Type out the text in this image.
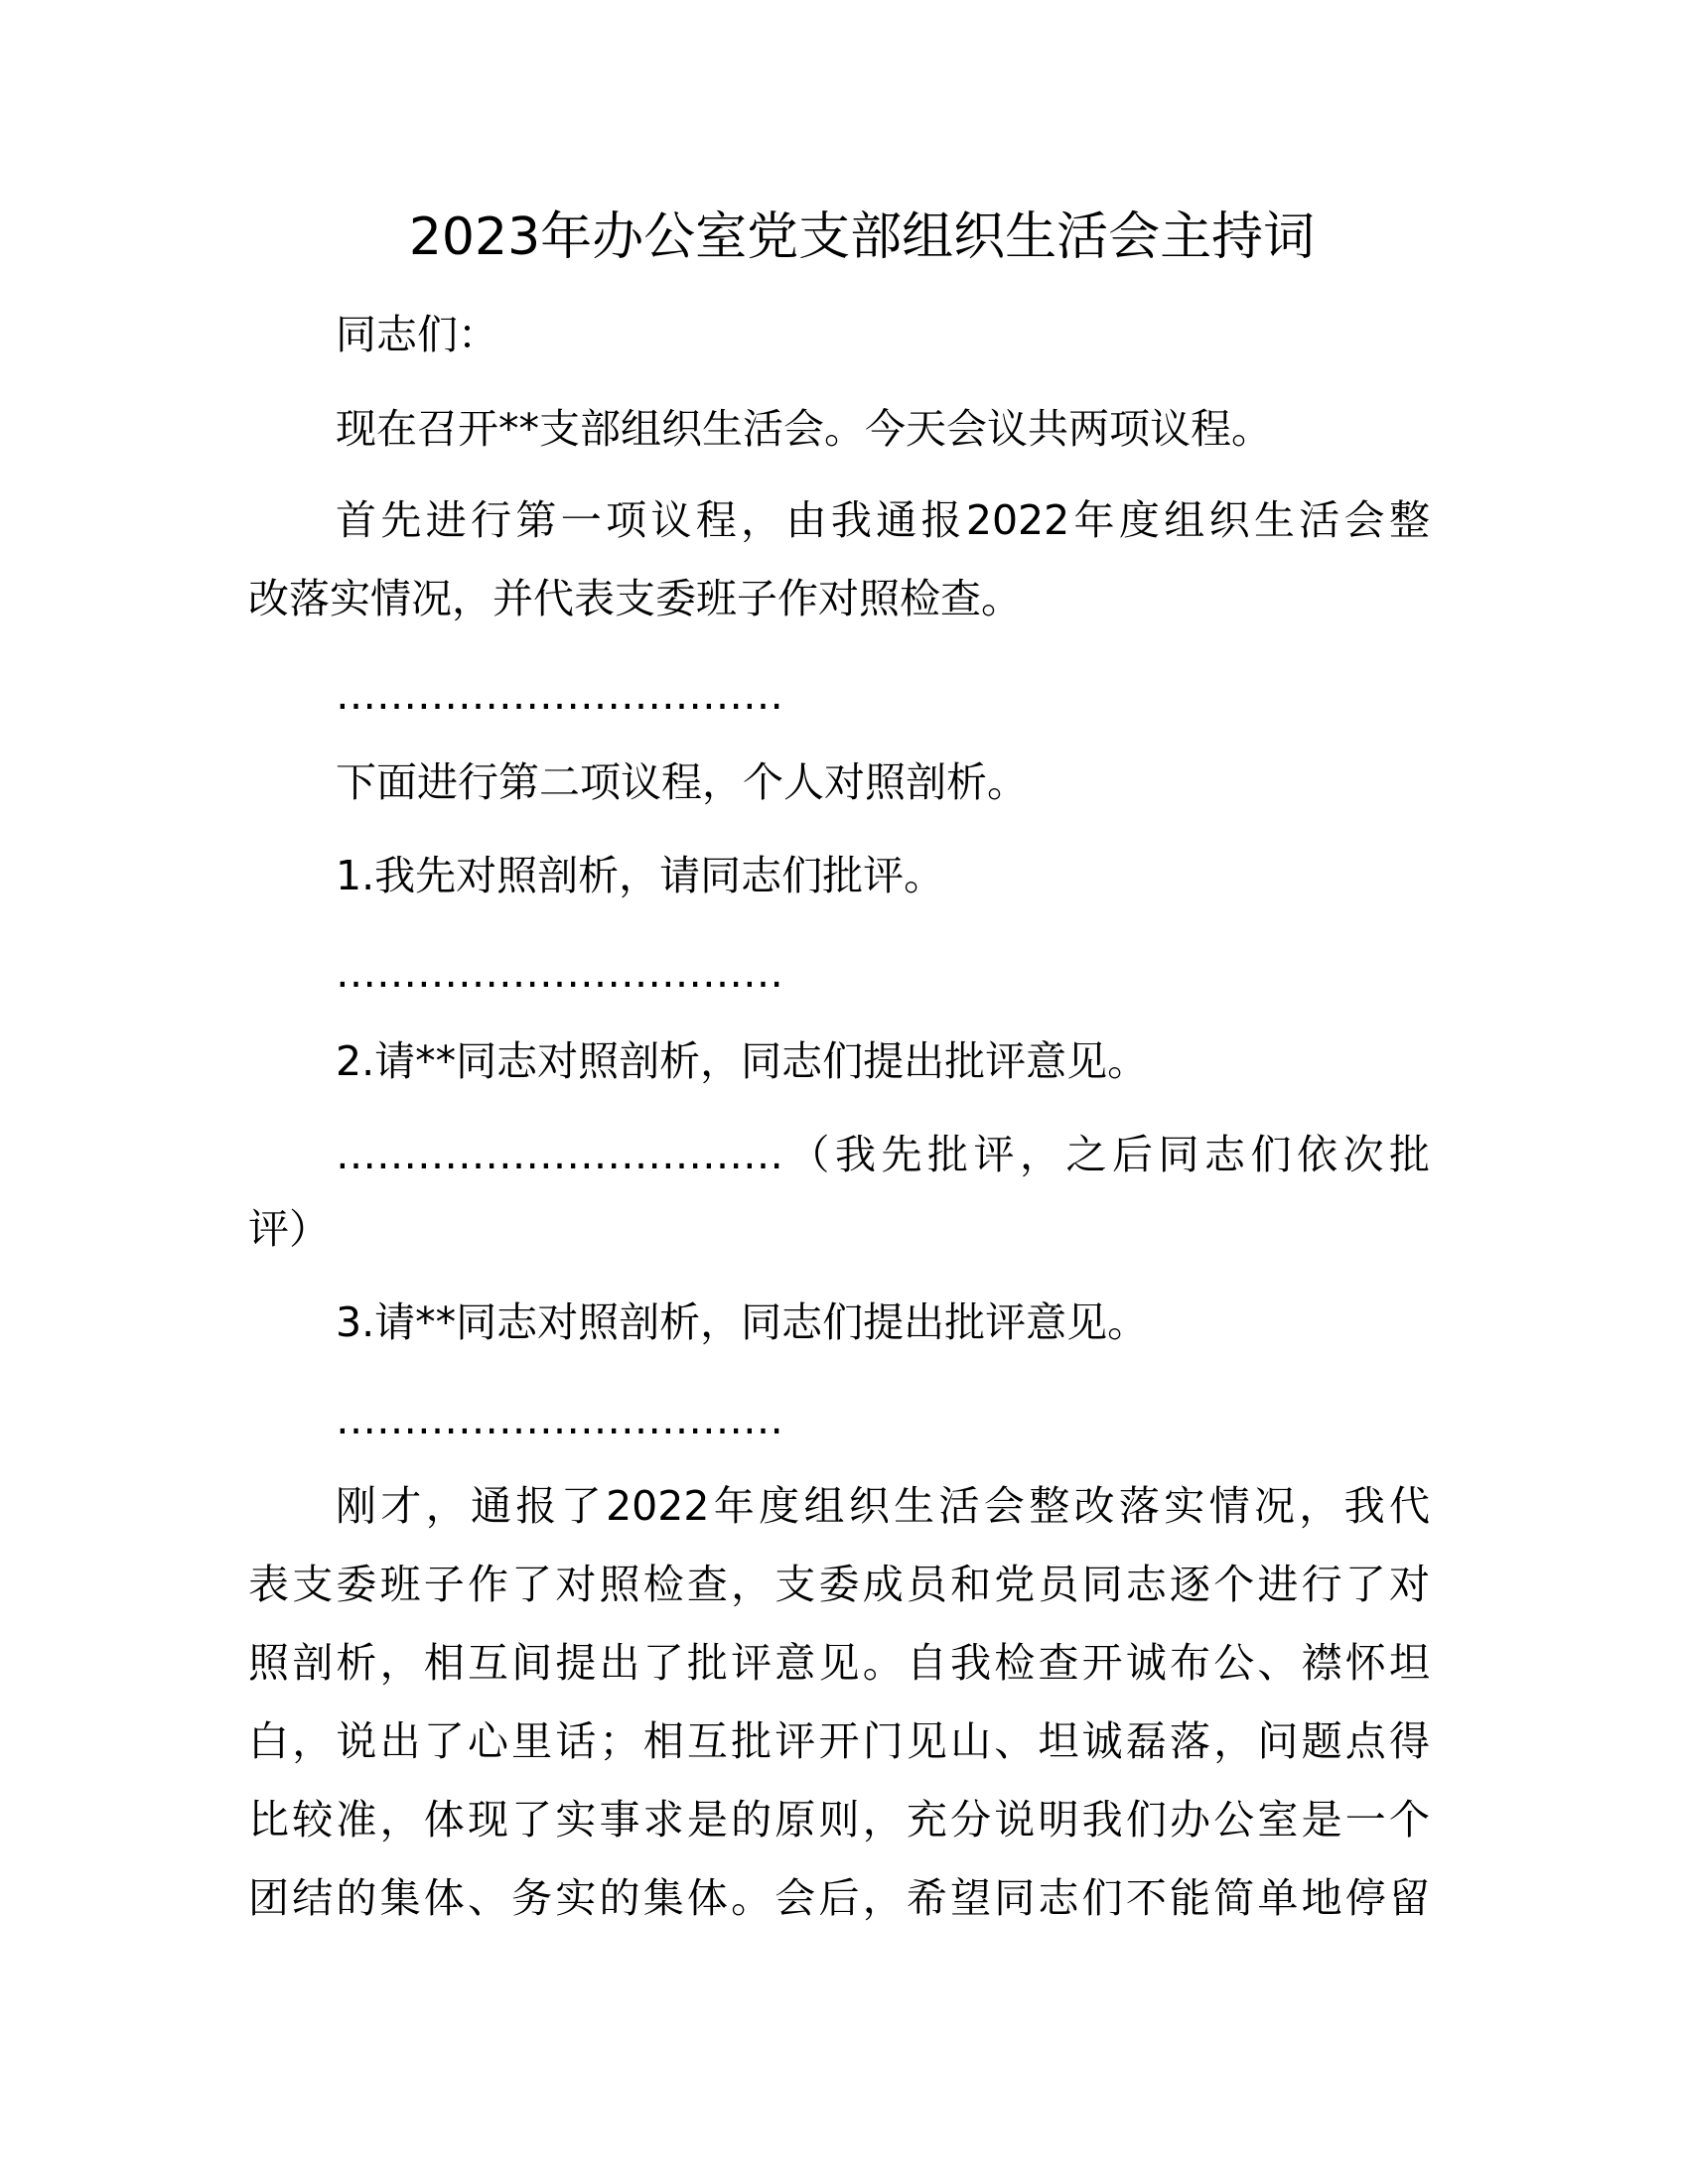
2023年办公室党支部组织生活会主持词
同志们：
现在召开**支部组织生活会。今天会议共两项议程。
首先进行第一项议程，由我通报2022年度组织生活会整
改落实情况，并代表支委班子作对照检查。
……………………………
下面进行第二项议程，个人对照剖析。
1.我先对照剖析，请同志们批评。
……………………………
2.请**同志对照剖析，同志们提出批评意见。
……………………………（我先批评，之后同志们依次批
评）
3.请**同志对照剖析，同志们提出批评意见。
……………………………
刚才，通报了2022年度组织生活会整改落实情况，我代
表支委班子作了对照检查，支委成员和党员同志逐个进行了对
照剖析，相互间提出了批评意见。自我检查开诚布公、襟怀坦
白，说出了心里话；相互批评开门见山、坦诚磊落，问题点得
比较准，体现了实事求是的原则，充分说明我们办公室是一个
团结的集体、务实的集体。会后，希望同志们不能简单地停留
